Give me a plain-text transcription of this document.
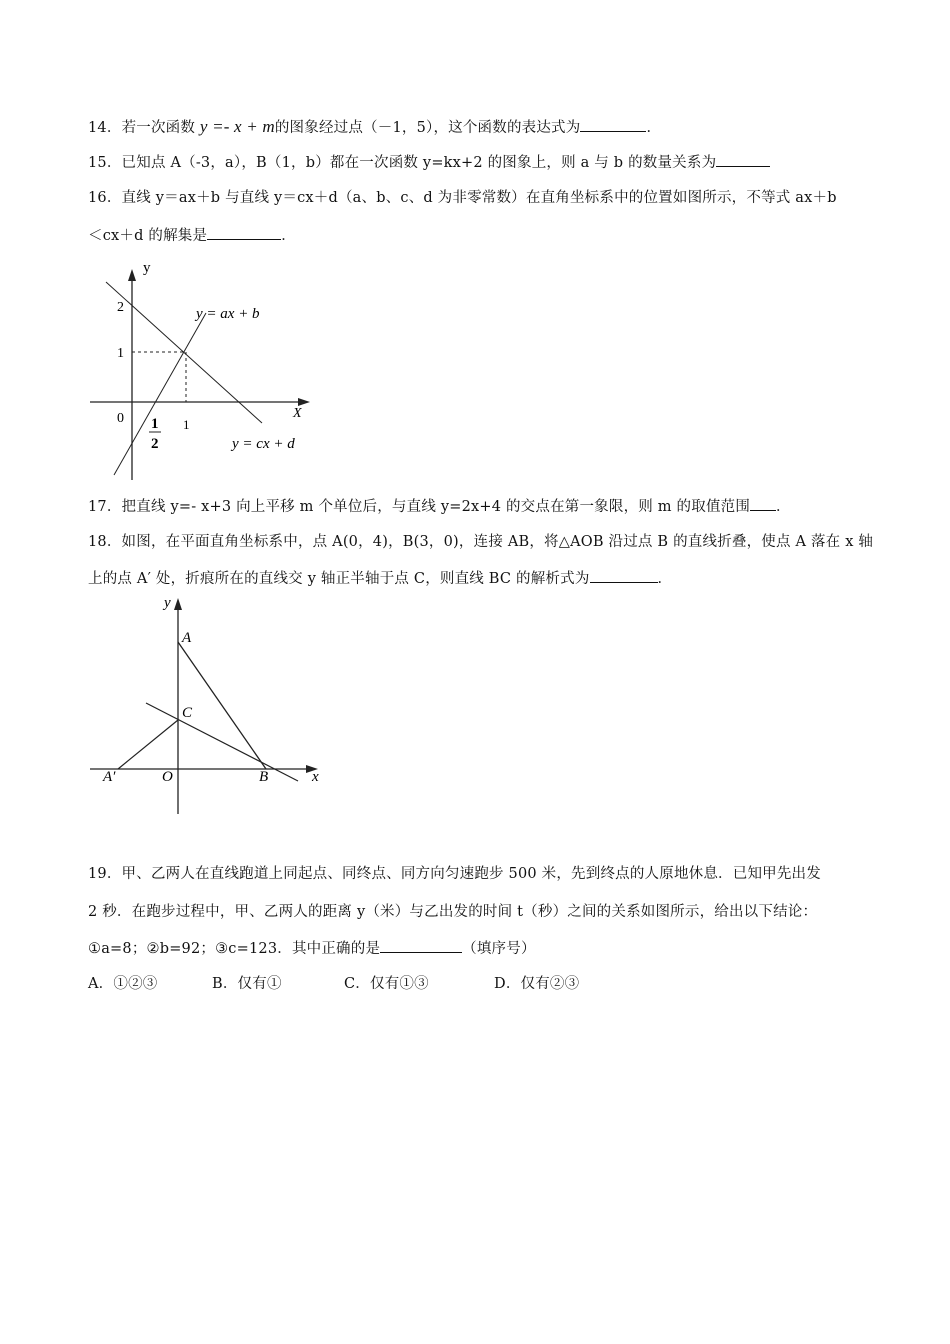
14．若一次函数 y =- x + m的图象经过点（－1，5），这个函数的表达式为	．
15．已知点 A（-3，a），B（1，b）都在一次函数 y=kx+2 的图象上，则 a 与 b 的数量关系为
16．直线 y＝ax＋b 与直线 y＝cx＋d（a、b、c、d 为非零常数）在直角坐标系中的位置如图所示，不等式 ax＋b
＜cx＋d 的解集是	．
y
X
0
2
1
1
1
2
y = ax + b
y = cx + d
17．把直线 y=- x+3 向上平移 m 个单位后，与直线 y=2x+4 的交点在第一象限，则 m 的取值范围 ．
18．如图，在平面直角坐标系中，点 A(0，4)，B(3，0)，连接 AB，将△AOB 沿过点 B 的直线折叠，使点 A 落在 x 轴
上的点 A′ 处，折痕所在的直线交 y 轴正半轴于点 C，则直线 BC 的解析式为	．
y
x
A
C
O	B
A′
19．甲、乙两人在直线跑道上同起点、同终点、同方向匀速跑步 500 米，先到终点的人原地休息．已知甲先出发
2 秒．在跑步过程中，甲、乙两人的距离 y（米）与乙出发的时间 t（秒）之间的关系如图所示，给出以下结论：
①a=8；②b=92；③c=123．其中正确的是	（填序号）
A．①②③	B．仅有①	C．仅有①③	D．仅有②③
